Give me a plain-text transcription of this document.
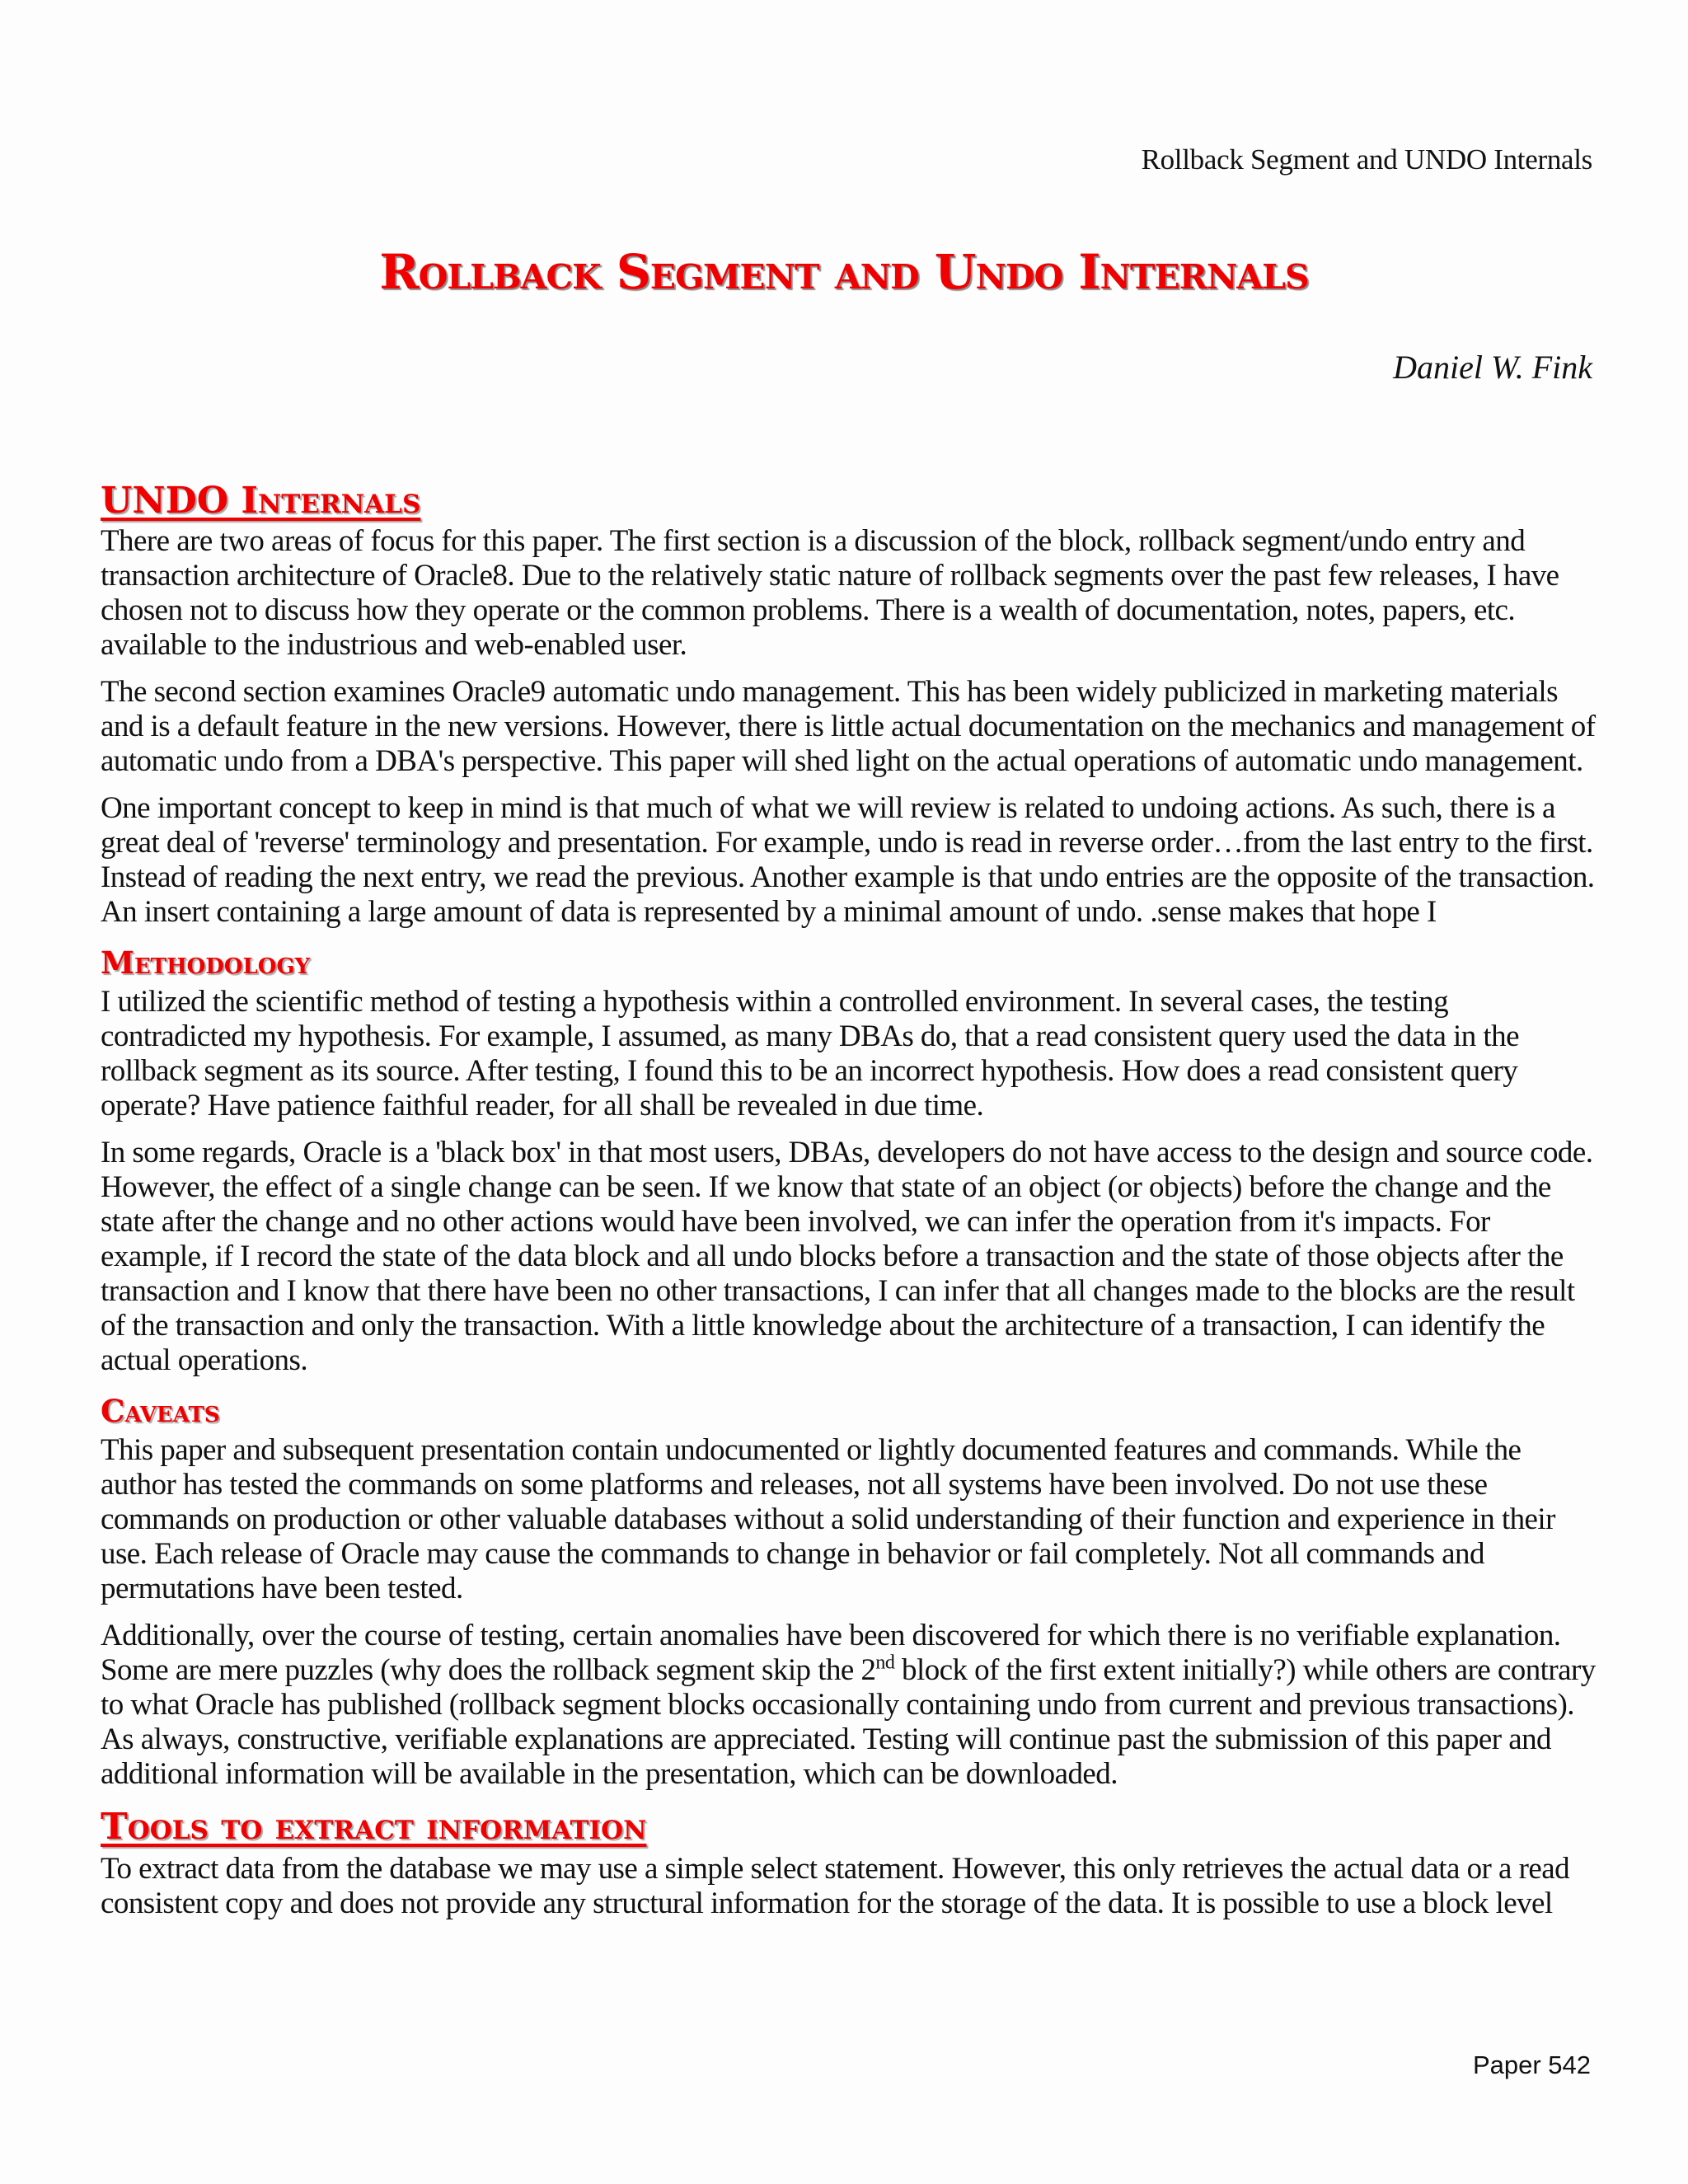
Rollback Segment and UNDO Internals
Rollback Segment and Undo Internals
Daniel W. Fink
UNDO Internals

There are two areas of focus for this paper. The first section is a discussion of the block, rollback segment/undo entry and transaction architecture of Oracle8. Due to the relatively static nature of rollback segments over the past few releases, I have chosen not to discuss how they operate or the common problems. There is a wealth of documentation, notes, papers, etc. available to the industrious and web-enabled user.

The second section examines Oracle9 automatic undo management. This has been widely publicized in marketing materials and is a default feature in the new versions. However, there is little actual documentation on the mechanics and management of automatic undo from a DBA's perspective. This paper will shed light on the actual operations of automatic undo management.

One important concept to keep in mind is that much of what we will review is related to undoing actions. As such, there is a great deal of 'reverse' terminology and presentation. For example, undo is read in reverse order…from the last entry to the first. Instead of reading the next entry, we read the previous. Another example is that undo entries are the opposite of the transaction. An insert containing a large amount of data is represented by a minimal amount of undo. .sense makes that hope I

Methodology

I utilized the scientific method of testing a hypothesis within a controlled environment. In several cases, the testing contradicted my hypothesis. For example, I assumed, as many DBAs do, that a read consistent query used the data in the rollback segment as its source. After testing, I found this to be an incorrect hypothesis. How does a read consistent query operate? Have patience faithful reader, for all shall be revealed in due time.

In some regards, Oracle is a 'black box' in that most users, DBAs, developers do not have access to the design and source code. However, the effect of a single change can be seen. If we know that state of an object (or objects) before the change and the state after the change and no other actions would have been involved, we can infer the operation from it's impacts. For example, if I record the state of the data block and all undo blocks before a transaction and the state of those objects after the transaction and I know that there have been no other transactions, I can infer that all changes made to the blocks are the result of the transaction and only the transaction. With a little knowledge about the architecture of a transaction, I can identify the actual operations.

Caveats

This paper and subsequent presentation contain undocumented or lightly documented features and commands. While the author has tested the commands on some platforms and releases, not all systems have been involved. Do not use these commands on production or other valuable databases without a solid understanding of their function and experience in their use. Each release of Oracle may cause the commands to change in behavior or fail completely. Not all commands and permutations have been tested.

Additionally, over the course of testing, certain anomalies have been discovered for which there is no verifiable explanation. Some are mere puzzles (why does the rollback segment skip the 2nd block of the first extent initially?) while others are contrary to what Oracle has published (rollback segment blocks occasionally containing undo from current and previous transactions). As always, constructive, verifiable explanations are appreciated. Testing will continue past the submission of this paper and additional information will be available in the presentation, which can be downloaded.

Tools to extract information

To extract data from the database we may use a simple select statement. However, this only retrieves the actual data or a read consistent copy and does not provide any structural information for the storage of the data. It is possible to use a block level

Paper 542
